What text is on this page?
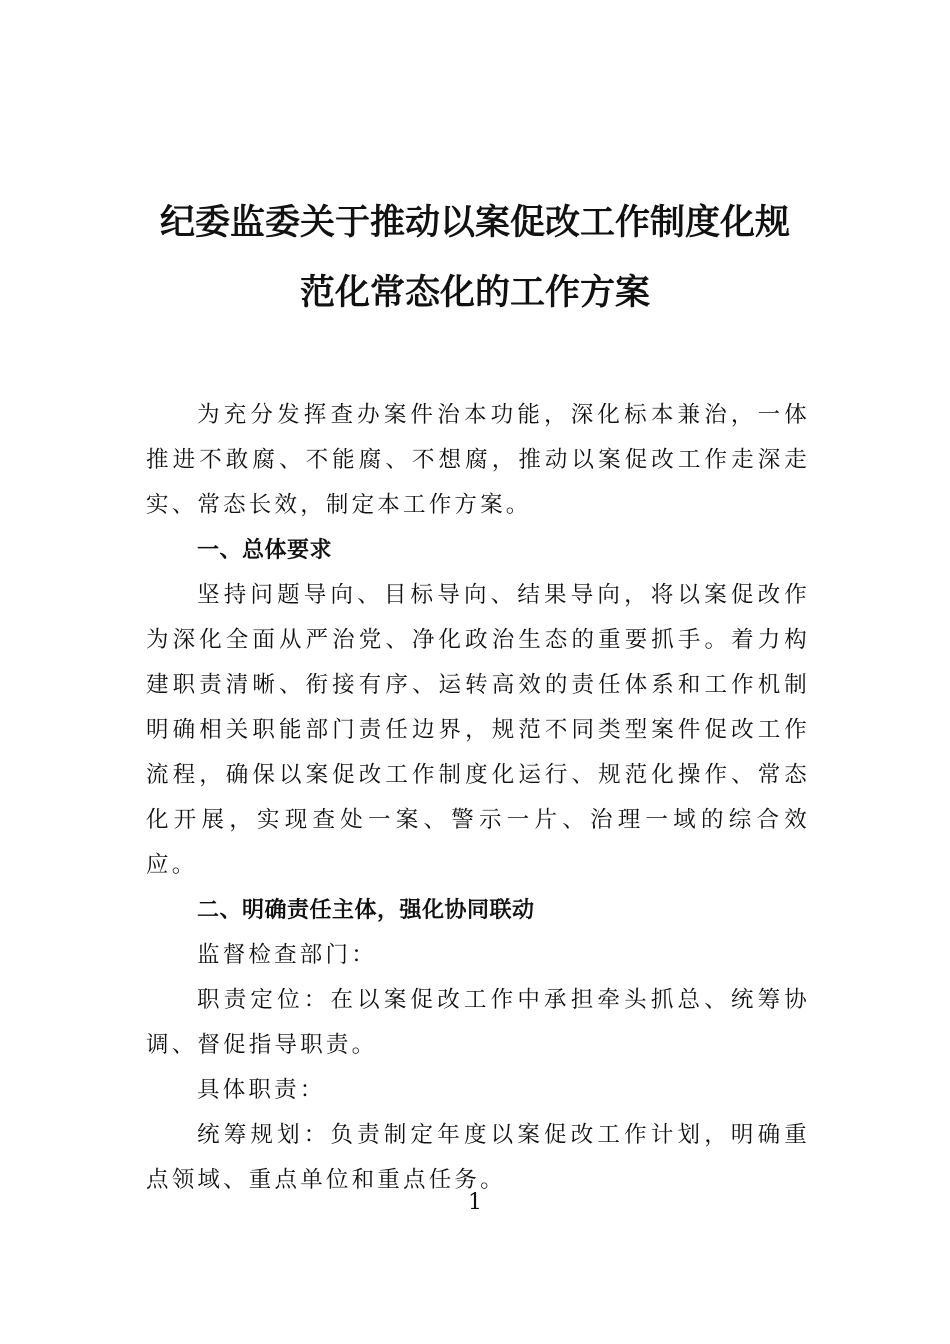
纪委监委关于推动以案促改工作制度化规
范化常态化的工作方案

为充分发挥查办案件治本功能，深化标本兼治，一体推进不敢腐、不能腐、不想腐，推动以案促改工作走深走实、常态长效，制定本工作方案。

一、总体要求

坚持问题导向、目标导向、结果导向，将以案促改作为深化全面从严治党、净化政治生态的重要抓手。着力构建职责清晰、衔接有序、运转高效的责任体系和工作机制明确相关职能部门责任边界，规范不同类型案件促改工作流程，确保以案促改工作制度化运行、规范化操作、常态化开展，实现查处一案、警示一片、治理一域的综合效应。

二、明确责任主体，强化协同联动

监督检查部门：

职责定位：在以案促改工作中承担牵头抓总、统筹协调、督促指导职责。

具体职责：

统筹规划：负责制定年度以案促改工作计划，明确重点领域、重点单位和重点任务。

1
